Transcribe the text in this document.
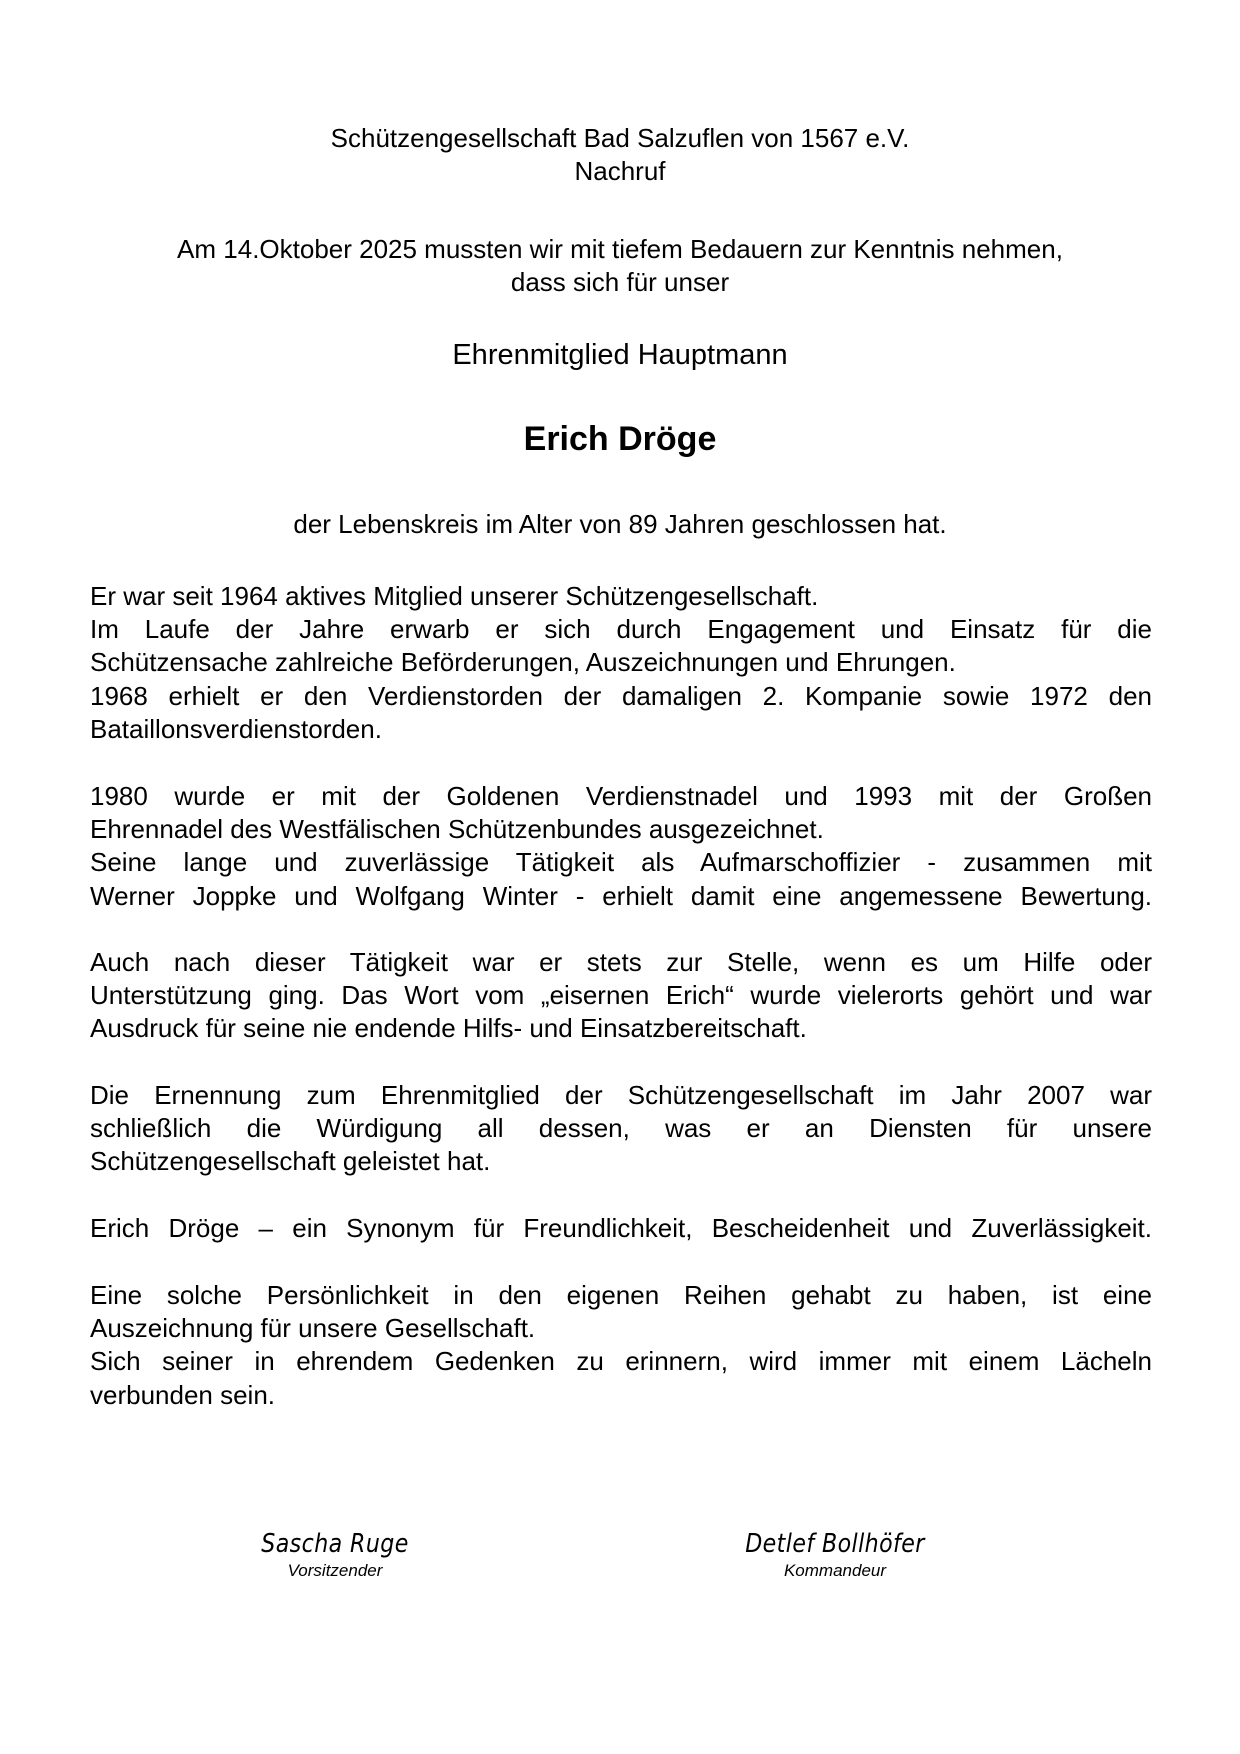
Schützengesellschaft Bad Salzuflen von 1567 e.V.
Nachruf
Am 14.Oktober 2025 mussten wir mit tiefem Bedauern zur Kenntnis nehmen,
dass sich für unser
Ehrenmitglied Hauptmann
Erich Dröge
der Lebenskreis im Alter von 89 Jahren geschlossen hat.

Er war seit 1964 aktives Mitglied unserer Schützengesellschaft.

Im Laufe der Jahre erwarb er sich durch Engagement und Einsatz für die

Schützensache zahlreiche Beförderungen, Auszeichnungen und Ehrungen.

1968 erhielt er den Verdienstorden der damaligen 2. Kompanie sowie 1972 den

Bataillonsverdienstorden.

1980 wurde er mit der Goldenen Verdienstnadel und 1993 mit der Großen

Ehrennadel des Westfälischen Schützenbundes ausgezeichnet.

Seine lange und zuverlässige Tätigkeit als Aufmarschoffizier - zusammen mit

Werner Joppke und Wolfgang Winter - erhielt damit eine angemessene Bewertung.

Auch nach dieser Tätigkeit war er stets zur Stelle, wenn es um Hilfe oder

Unterstützung ging. Das Wort vom „eisernen Erich“ wurde vielerorts gehört und war

Ausdruck für seine nie endende Hilfs- und Einsatzbereitschaft.

Die Ernennung zum Ehrenmitglied der Schützengesellschaft im Jahr 2007 war

schließlich die Würdigung all dessen, was er an Diensten für unsere

Schützengesellschaft geleistet hat.

Erich Dröge – ein Synonym für Freundlichkeit, Bescheidenheit und Zuverlässigkeit.

Eine solche Persönlichkeit in den eigenen Reihen gehabt zu haben, ist eine

Auszeichnung für unsere Gesellschaft.

Sich seiner in ehrendem Gedenken zu erinnern, wird immer mit einem Lächeln

verbunden sein.

Sascha Ruge
Vorsitzender
Detlef Bollhöfer
Kommandeur
